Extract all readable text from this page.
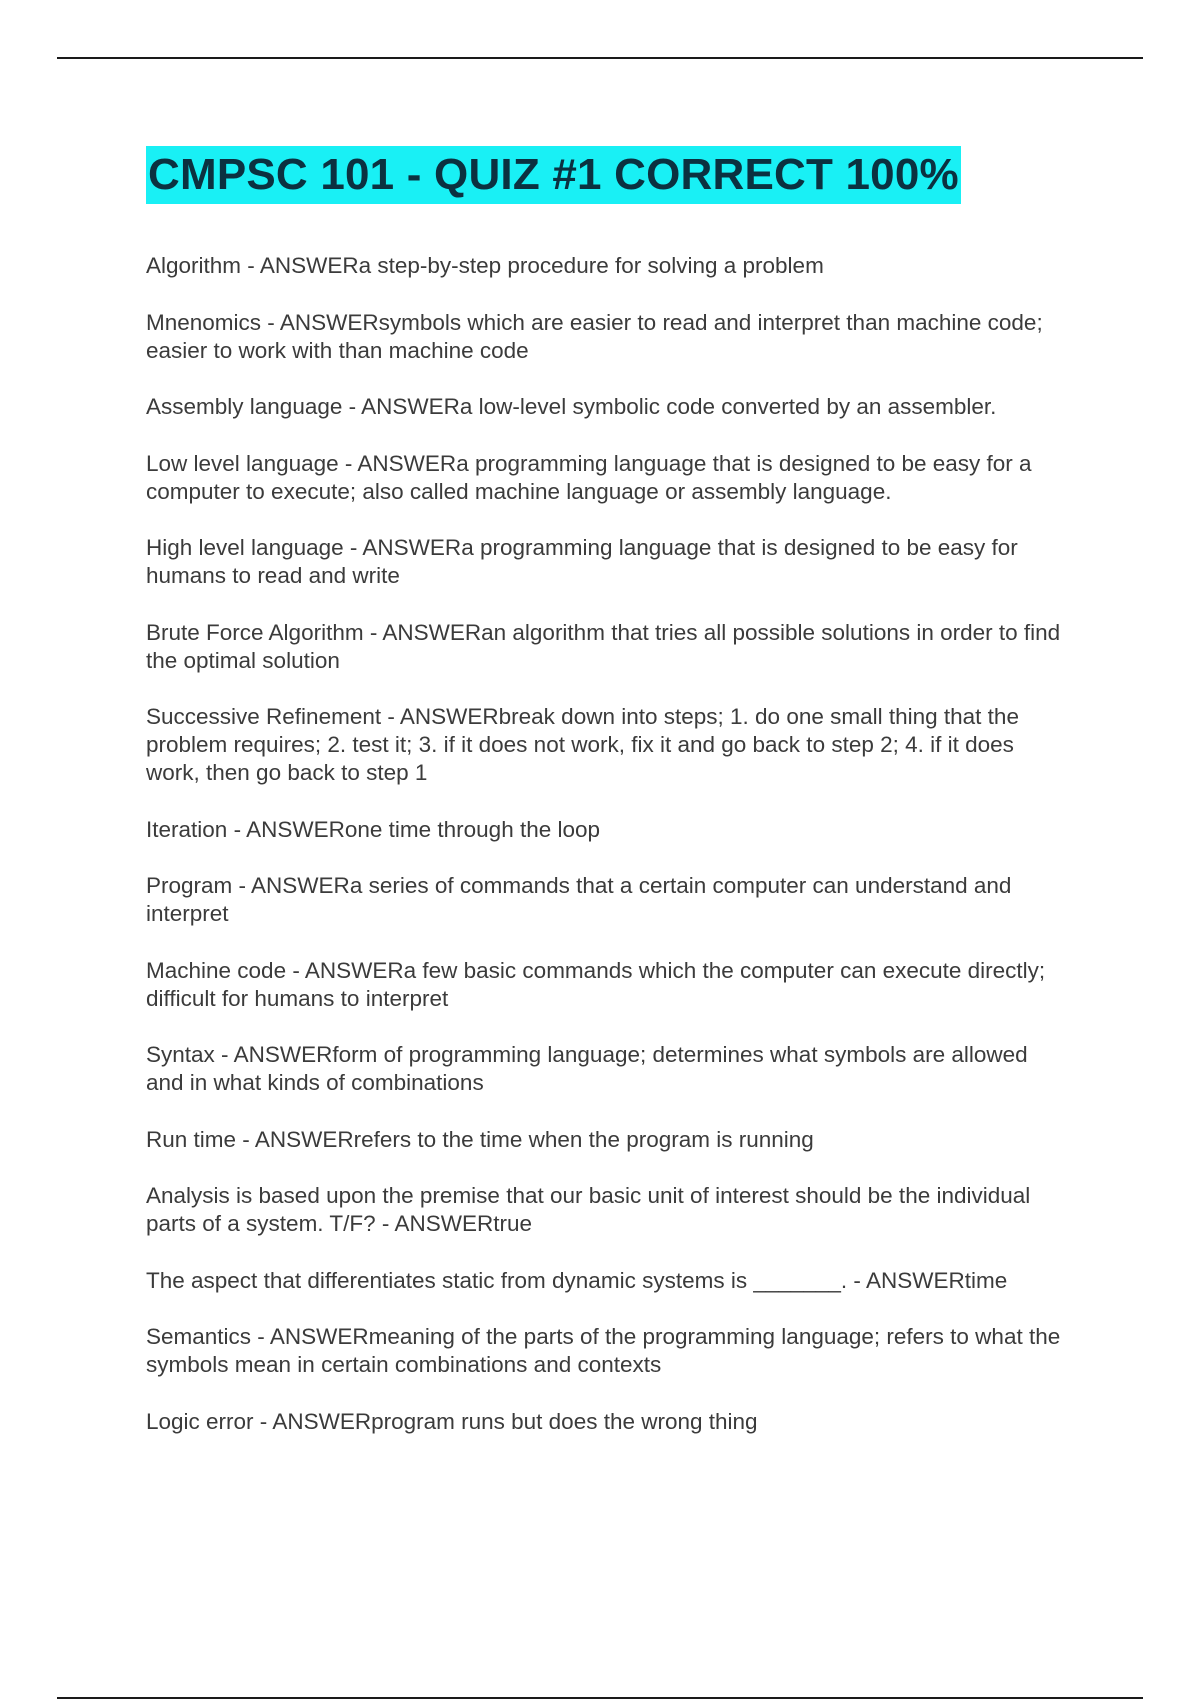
CMPSC 101 - QUIZ #1 CORRECT 100%
Algorithm - ANSWERa step-by-step procedure for solving a problem
Mnenomics - ANSWERsymbols which are easier to read and interpret than machine code; easier to work with than machine code
Assembly language - ANSWERa low-level symbolic code converted by an assembler.
Low level language - ANSWERa programming language that is designed to be easy for a computer to execute; also called machine language or assembly language.
High level language - ANSWERa programming language that is designed to be easy for humans to read and write
Brute Force Algorithm - ANSWERan algorithm that tries all possible solutions in order to find the optimal solution
Successive Refinement - ANSWERbreak down into steps; 1. do one small thing that the problem requires; 2. test it; 3. if it does not work, fix it and go back to step 2; 4. if it does work, then go back to step 1
Iteration - ANSWERone time through the loop
Program - ANSWERa series of commands that a certain computer can understand and interpret
Machine code - ANSWERa few basic commands which the computer can execute directly; difficult for humans to interpret
Syntax - ANSWERform of programming language; determines what symbols are allowed and in what kinds of combinations
Run time - ANSWERrefers to the time when the program is running
Analysis is based upon the premise that our basic unit of interest should be the individual parts of a system. T/F? - ANSWERtrue
The aspect that differentiates static from dynamic systems is _______. - ANSWERtime
Semantics - ANSWERmeaning of the parts of the programming language; refers to what the symbols mean in certain combinations and contexts
Logic error - ANSWERprogram runs but does the wrong thing
